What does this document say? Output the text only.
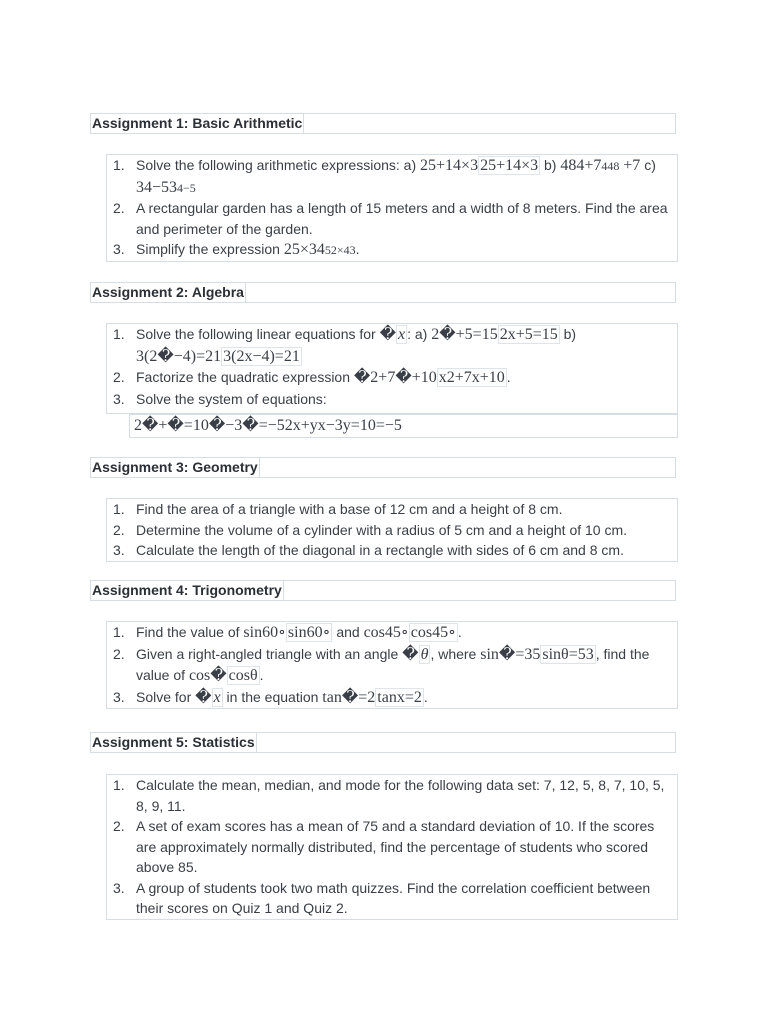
Assignment 1: Basic Arithmetic
1. Solve the following arithmetic expressions: a) 25+14×3 25+14×3 b) 484+7448 +7 c) 34−534−5
2. A rectangular garden has a length of 15 meters and a width of 8 meters. Find the area and perimeter of the garden.
3. Simplify the expression 25×3452×43.
Assignment 2: Algebra
1. Solve the following linear equations for � x : a) 2�+5=15 2x+5=15 b) 3(2�−4)=21 3(2x−4)=21
2. Factorize the quadratic expression �2+7�+10 x2+7x+10 .
3. Solve the system of equations:
2�+�=10�−3�=−52x+yx−3y=10=−5
Assignment 3: Geometry
1. Find the area of a triangle with a base of 12 cm and a height of 8 cm.
2. Determine the volume of a cylinder with a radius of 5 cm and a height of 10 cm.
3. Calculate the length of the diagonal in a rectangle with sides of 6 cm and 8 cm.
Assignment 4: Trigonometry
1. Find the value of sin60∘ sin60∘ and cos45∘ cos45∘ .
2. Given a right-angled triangle with an angle � θ , where sin�=35 sinθ=53 , find the value of cos� cosθ .
3. Solve for � x in the equation tan�=2 tanx=2 .
Assignment 5: Statistics
1. Calculate the mean, median, and mode for the following data set: 7, 12, 5, 8, 7, 10, 5, 8, 9, 11.
2. A set of exam scores has a mean of 75 and a standard deviation of 10. If the scores are approximately normally distributed, find the percentage of students who scored above 85.
3. A group of students took two math quizzes. Find the correlation coefficient between their scores on Quiz 1 and Quiz 2.
